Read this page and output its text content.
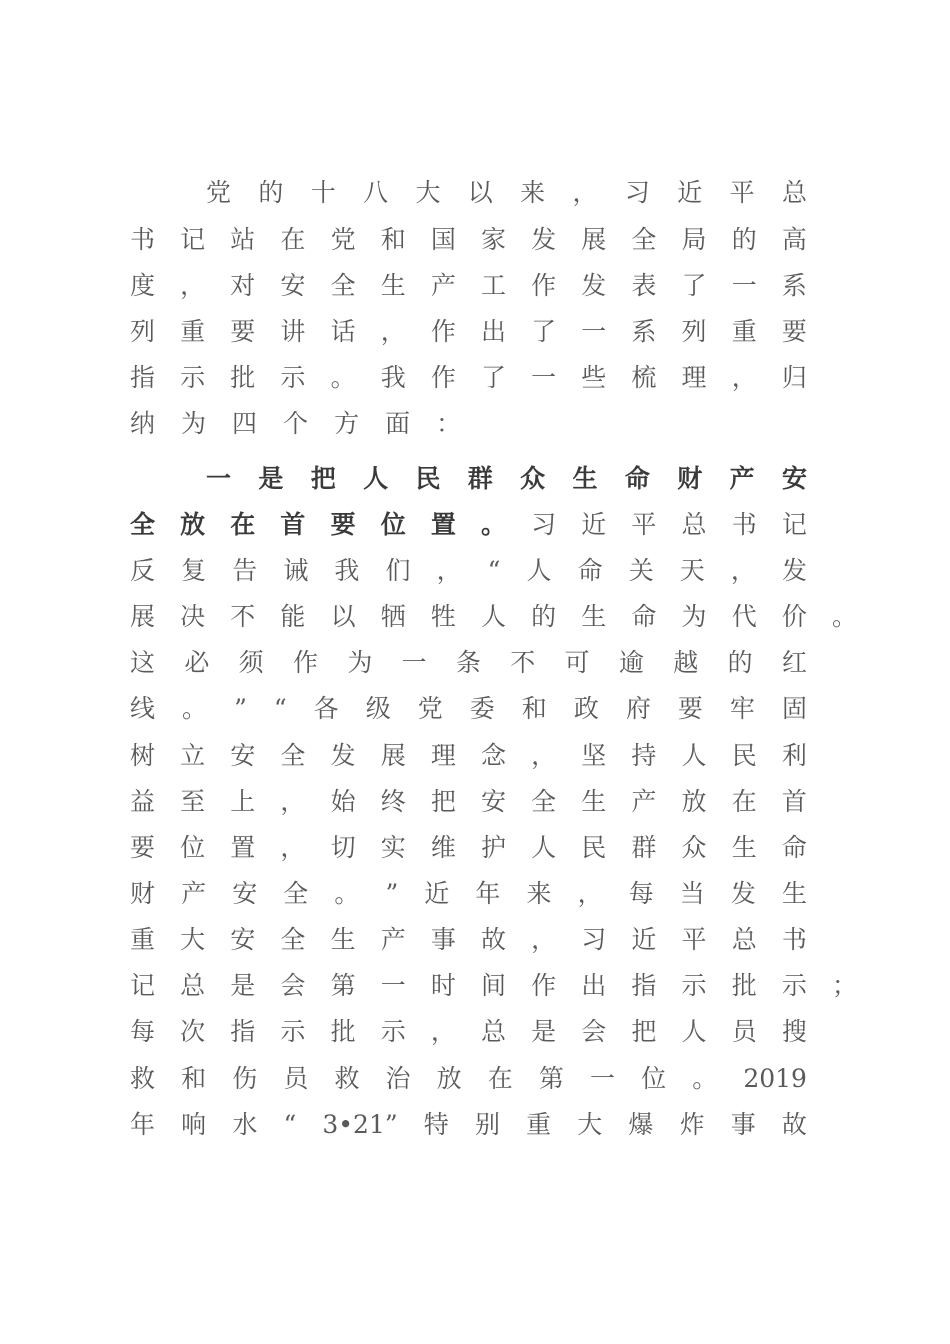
党 的 十 八 大 以 来 ， 习 近 平 总
书 记 站 在 党 和 国 家 发 展 全 局 的 高
度 ， 对 安 全 生 产 工 作 发 表 了 一 系
列 重 要 讲 话 ， 作 出 了 一 系 列 重 要
指 示 批 示 。 我 作 了 一 些 梳 理 ， 归
纳 为 四 个 方 面 ：
一 是 把 人 民 群 众 生 命 财 产 安
全 放 在 首 要 位 置 。 习 近 平 总 书 记
反 复 告 诫 我 们 ， “ 人 命 关 天 ， 发
展 决 不 能 以 牺 牲 人 的 生 命 为 代 价
这 必 须 作 为 一 条 不 可 逾 越 的 红
线 。 ” “ 各 级 党 委 和 政 府 要 牢 固
树 立 安 全 发 展 理 念 ， 坚 持 人 民 利
益 至 上 ， 始 终 把 安 全 生 产 放 在 首
要 位 置 ， 切 实 维 护 人 民 群 众 生 命
财 产 安 全 。 ” 近 年 来 ， 每 当 发 生
重 大 安 全 生 产 事 故 ， 习 近 平 总 书
记 总 是 会 第 一 时 间 作 出 指 示 批 示
每 次 指 示 批 示 ， 总 是 会 把 人 员 搜
救 和 伤 员 救 治 放 在 第 一 位 。 2019
年 响 水 “ 3•21” 特 别 重 大 爆 炸 事 故
。
；
